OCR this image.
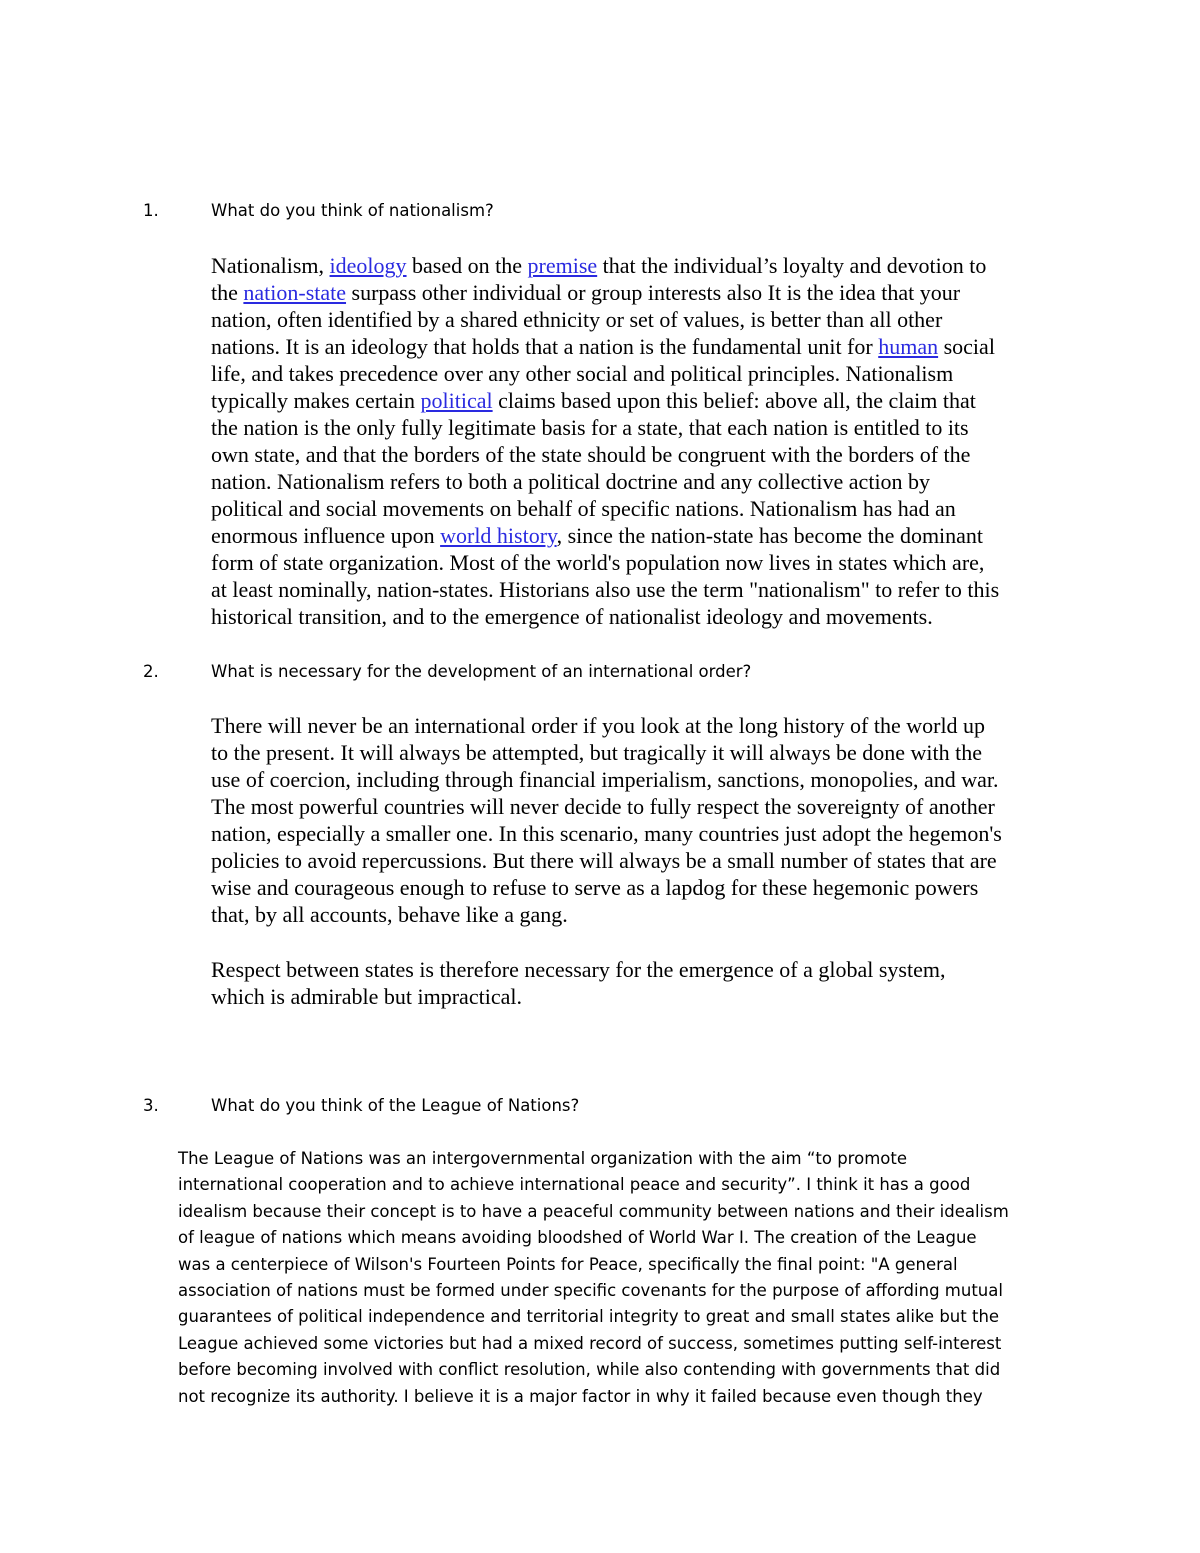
1.	What do you think of nationalism?
Nationalism, ideology based on the premise that the individual’s loyalty and devotion to
the nation-state surpass other individual or group interests also It is the idea that your
nation, often identified by a shared ethnicity or set of values, is better than all other
nations. It is an ideology that holds that a nation is the fundamental unit for human social
life, and takes precedence over any other social and political principles. Nationalism
typically makes certain political claims based upon this belief: above all, the claim that
the nation is the only fully legitimate basis for a state, that each nation is entitled to its
own state, and that the borders of the state should be congruent with the borders of the
nation. Nationalism refers to both a political doctrine and any collective action by
political and social movements on behalf of specific nations. Nationalism has had an
enormous influence upon world history, since the nation-state has become the dominant
form of state organization. Most of the world's population now lives in states which are,
at least nominally, nation-states. Historians also use the term "nationalism" to refer to this
historical transition, and to the emergence of nationalist ideology and movements.
2.	What is necessary for the development of an international order?
There will never be an international order if you look at the long history of the world up
to the present. It will always be attempted, but tragically it will always be done with the
use of coercion, including through financial imperialism, sanctions, monopolies, and war.
The most powerful countries will never decide to fully respect the sovereignty of another
nation, especially a smaller one. In this scenario, many countries just adopt the hegemon's
policies to avoid repercussions. But there will always be a small number of states that are
wise and courageous enough to refuse to serve as a lapdog for these hegemonic powers
that, by all accounts, behave like a gang.
Respect between states is therefore necessary for the emergence of a global system,
which is admirable but impractical.
3.	What do you think of the League of Nations?
The League of Nations was an intergovernmental organization with the aim “to promote
international cooperation and to achieve international peace and security”. I think it has a good
idealism because their concept is to have a peaceful community between nations and their idealism
of league of nations which means avoiding bloodshed of World War I. The creation of the League
was a centerpiece of Wilson's Fourteen Points for Peace, specifically the final point: "A general
association of nations must be formed under specific covenants for the purpose of affording mutual
guarantees of political independence and territorial integrity to great and small states alike but the
League achieved some victories but had a mixed record of success, sometimes putting self-interest
before becoming involved with conflict resolution, while also contending with governments that did
not recognize its authority. I believe it is a major factor in why it failed because even though they
